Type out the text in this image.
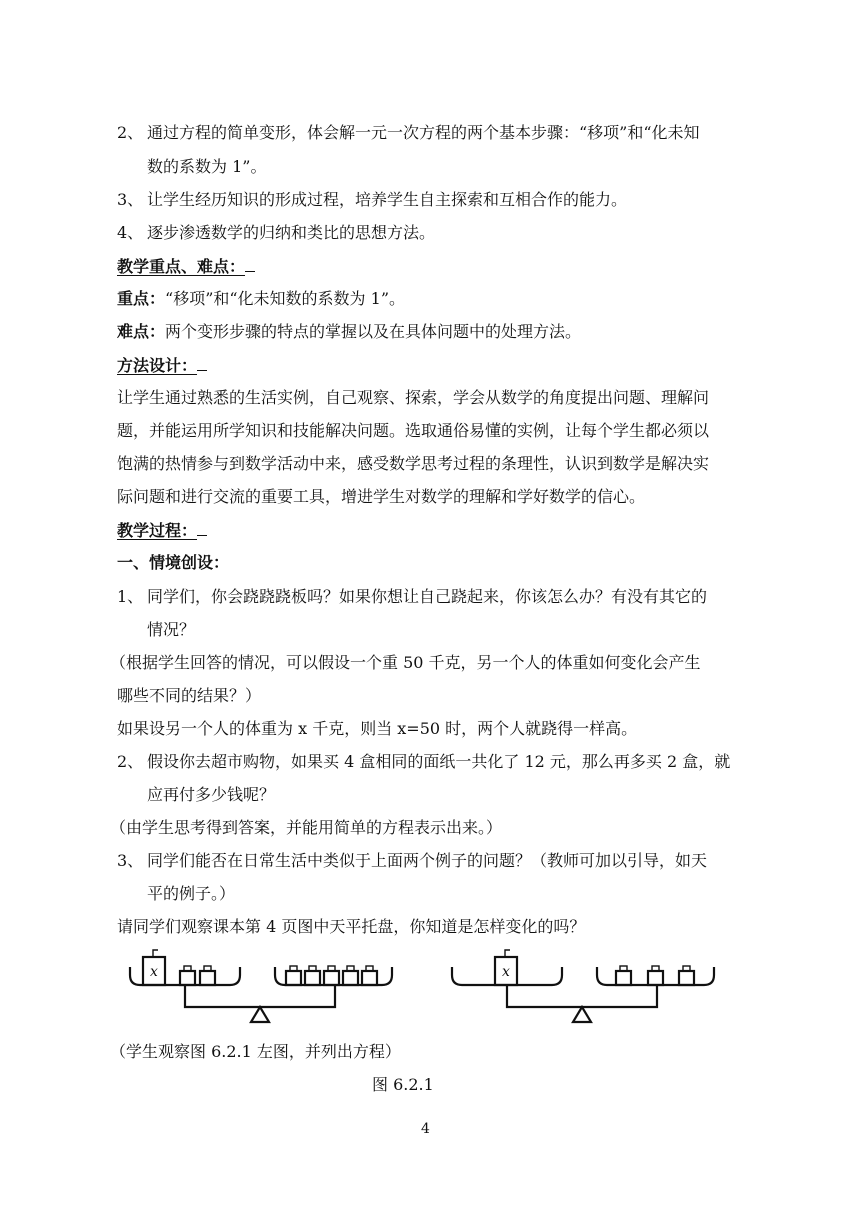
2、 通过方程的简单变形，体会解一元一次方程的两个基本步骤：“移项”和“化未知
数的系数为 1”。
3、 让学生经历知识的形成过程，培养学生自主探索和互相合作的能力。
4、 逐步渗透数学的归纳和类比的思想方法。
教学重点、难点：
重点：“移项”和“化未知数的系数为 1”。
难点：两个变形步骤的特点的掌握以及在具体问题中的处理方法。
方法设计：
让学生通过熟悉的生活实例，自己观察、探索，学会从数学的角度提出问题、理解问
题，并能运用所学知识和技能解决问题。选取通俗易懂的实例，让每个学生都必须以
饱满的热情参与到数学活动中来，感受数学思考过程的条理性，认识到数学是解决实
际问题和进行交流的重要工具，增进学生对数学的理解和学好数学的信心。
教学过程：
一、情境创设：
1、 同学们，你会跷跷跷板吗？如果你想让自己跷起来，你该怎么办？有没有其它的
情况？
（根据学生回答的情况，可以假设一个重 50 千克，另一个人的体重如何变化会产生
哪些不同的结果？）
如果设另一个人的体重为 x 千克，则当 x=50 时，两个人就跷得一样高。
2、 假设你去超市购物，如果买 4 盒相同的面纸一共化了 12 元，那么再多买 2 盒，就
应再付多少钱呢？
（由学生思考得到答案，并能用简单的方程表示出来。）
3、 同学们能否在日常生活中类似于上面两个例子的问题？（教师可加以引导，如天
平的例子。）
请同学们观察课本第 4 页图中天平托盘，你知道是怎样变化的吗？
x	x
（学生观察图 6.2.1 左图，并列出方程）
图 6.2.1
4
